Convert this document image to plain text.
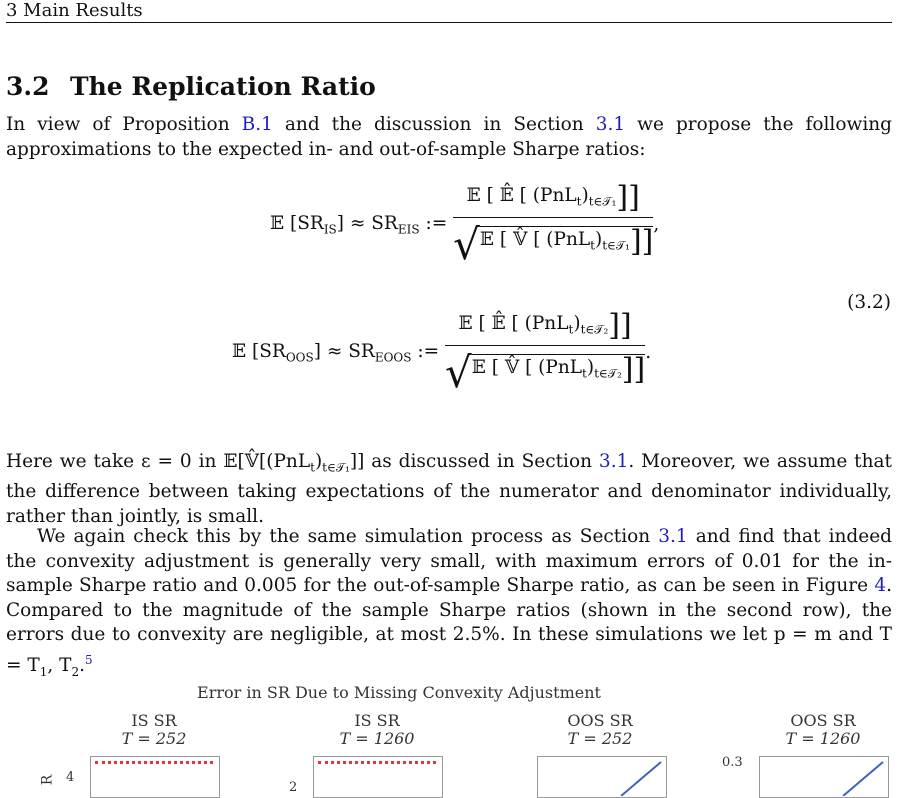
3 Main Results
3.2 The Replication Ratio
In view of Proposition B.1 and the discussion in Section 3.1 we propose the following approximations to the expected in- and out-of-sample Sharpe ratios:
𝔼 $[SR_{IS}] \approx SR_{EIS}$ := $\frac{𝔼 [ 𝔼̂ [ (PnL_t)_{t\in 𝒯_1}]]}{√𝔼 [ 𝕍̂ [ (PnL_t)_{t\in 𝒯_1}]]}$ ,
(3.2)
𝔼 $[SR_{OOS}] \approx SR_{EOOS}$ := $\frac{𝔼 [ 𝔼̂ [ (PnL_t)_{t\in 𝒯_2}]]}{√𝔼 [ 𝕍̂ [ (PnL_t)_{t\in 𝒯_2}]]}$ .
Here we take ε = 0 in $𝔼[𝕍̂[(PnL_t)_{t\in 𝒯_1}]]$ as discussed in Section 3.1. Moreover, we assume that the difference between taking expectations of the numerator and denominator individually, rather than jointly, is small.
We again check this by the same simulation process as Section 3.1 and find that indeed the convexity adjustment is generally very small, with maximum errors of 0.01 for the in-sample Sharpe ratio and 0.005 for the out-of-sample Sharpe ratio, as can be seen in Figure 4. Compared to the magnitude of the sample Sharpe ratios (shown in the second row), the errors due to convexity are negligible, at most 2.5%. In these simulations we let p = m and $T = T_1$, $T_2.^5$
Error in SR Due to Missing Convexity Adjustment
IS SR
T = 252
IS SR
T = 1260
OOS SR
T = 252
OOS SR
T = 1260
R 4
2
0.3
